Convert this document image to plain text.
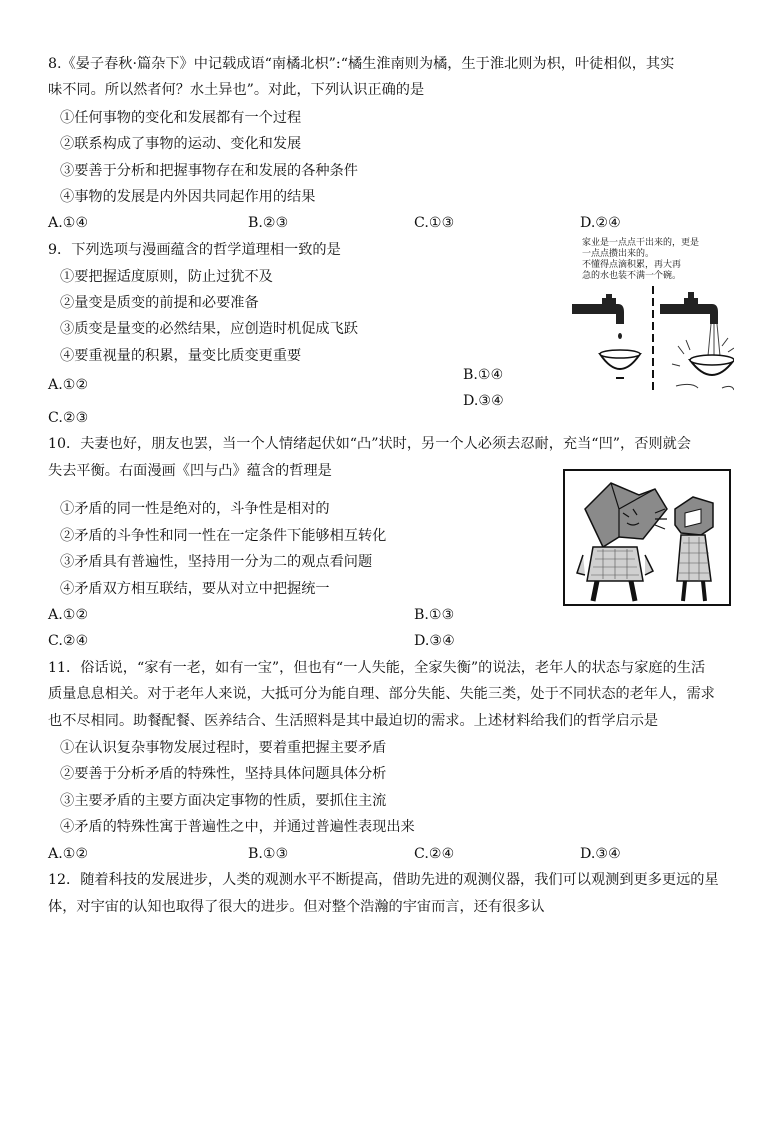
8.《晏子春秋·篇杂下》中记载成语“南橘北枳”:“橘生淮南则为橘，生于淮北则为枳，叶徒相似，其实
味不同。所以然者何？水土异也”。对此，下列认识正确的是
①任何事物的变化和发展都有一个过程
②联系构成了事物的运动、变化和发展
③要善于分析和把握事物存在和发展的各种条件
④事物的发展是内外因共同起作用的结果
A.①④	B.②③	C.①③	D.②④
9．下列选项与漫画蕴含的哲学道理相一致的是
①要把握适度原则，防止过犹不及
②量变是质变的前提和必要准备
③质变是量变的必然结果，应创造时机促成飞跃
④要重视量的积累，量变比质变更重要
A.①②
B.①④
D.③④
C.②③
家业是一点点干出来的，更是
一点点攒出来的。
不懂得点滴积累，再大再
急的水也装不满一个碗。
10．夫妻也好，朋友也罢，当一个人情绪起伏如“凸”状时，另一个人必须去忍耐，充当“凹”，否则就会
失去平衡。右面漫画《凹与凸》蕴含的哲理是
①矛盾的同一性是绝对的，斗争性是相对的
②矛盾的斗争性和同一性在一定条件下能够相互转化
③矛盾具有普遍性，坚持用一分为二的观点看问题
④矛盾双方相互联结，要从对立中把握统一
A.①②	B.①③
C.②④	D.③④
11．俗话说，“家有一老，如有一宝”，但也有“一人失能，全家失衡”的说法，老年人的状态与家庭的生活
质量息息相关。对于老年人来说，大抵可分为能自理、部分失能、失能三类，处于不同状态的老年人，需求
也不尽相同。助餐配餐、医养结合、生活照料是其中最迫切的需求。上述材料给我们的哲学启示是
①在认识复杂事物发展过程时，要着重把握主要矛盾
②要善于分析矛盾的特殊性，坚持具体问题具体分析
③主要矛盾的主要方面决定事物的性质，要抓住主流
④矛盾的特殊性寓于普遍性之中，并通过普遍性表现出来
A.①②	B.①③	C.②④	D.③④
12．随着科技的发展进步，人类的观测水平不断提高，借助先进的观测仪器，我们可以观测到更多更远的星
体，对宇宙的认知也取得了很大的进步。但对整个浩瀚的宇宙而言，还有很多认
